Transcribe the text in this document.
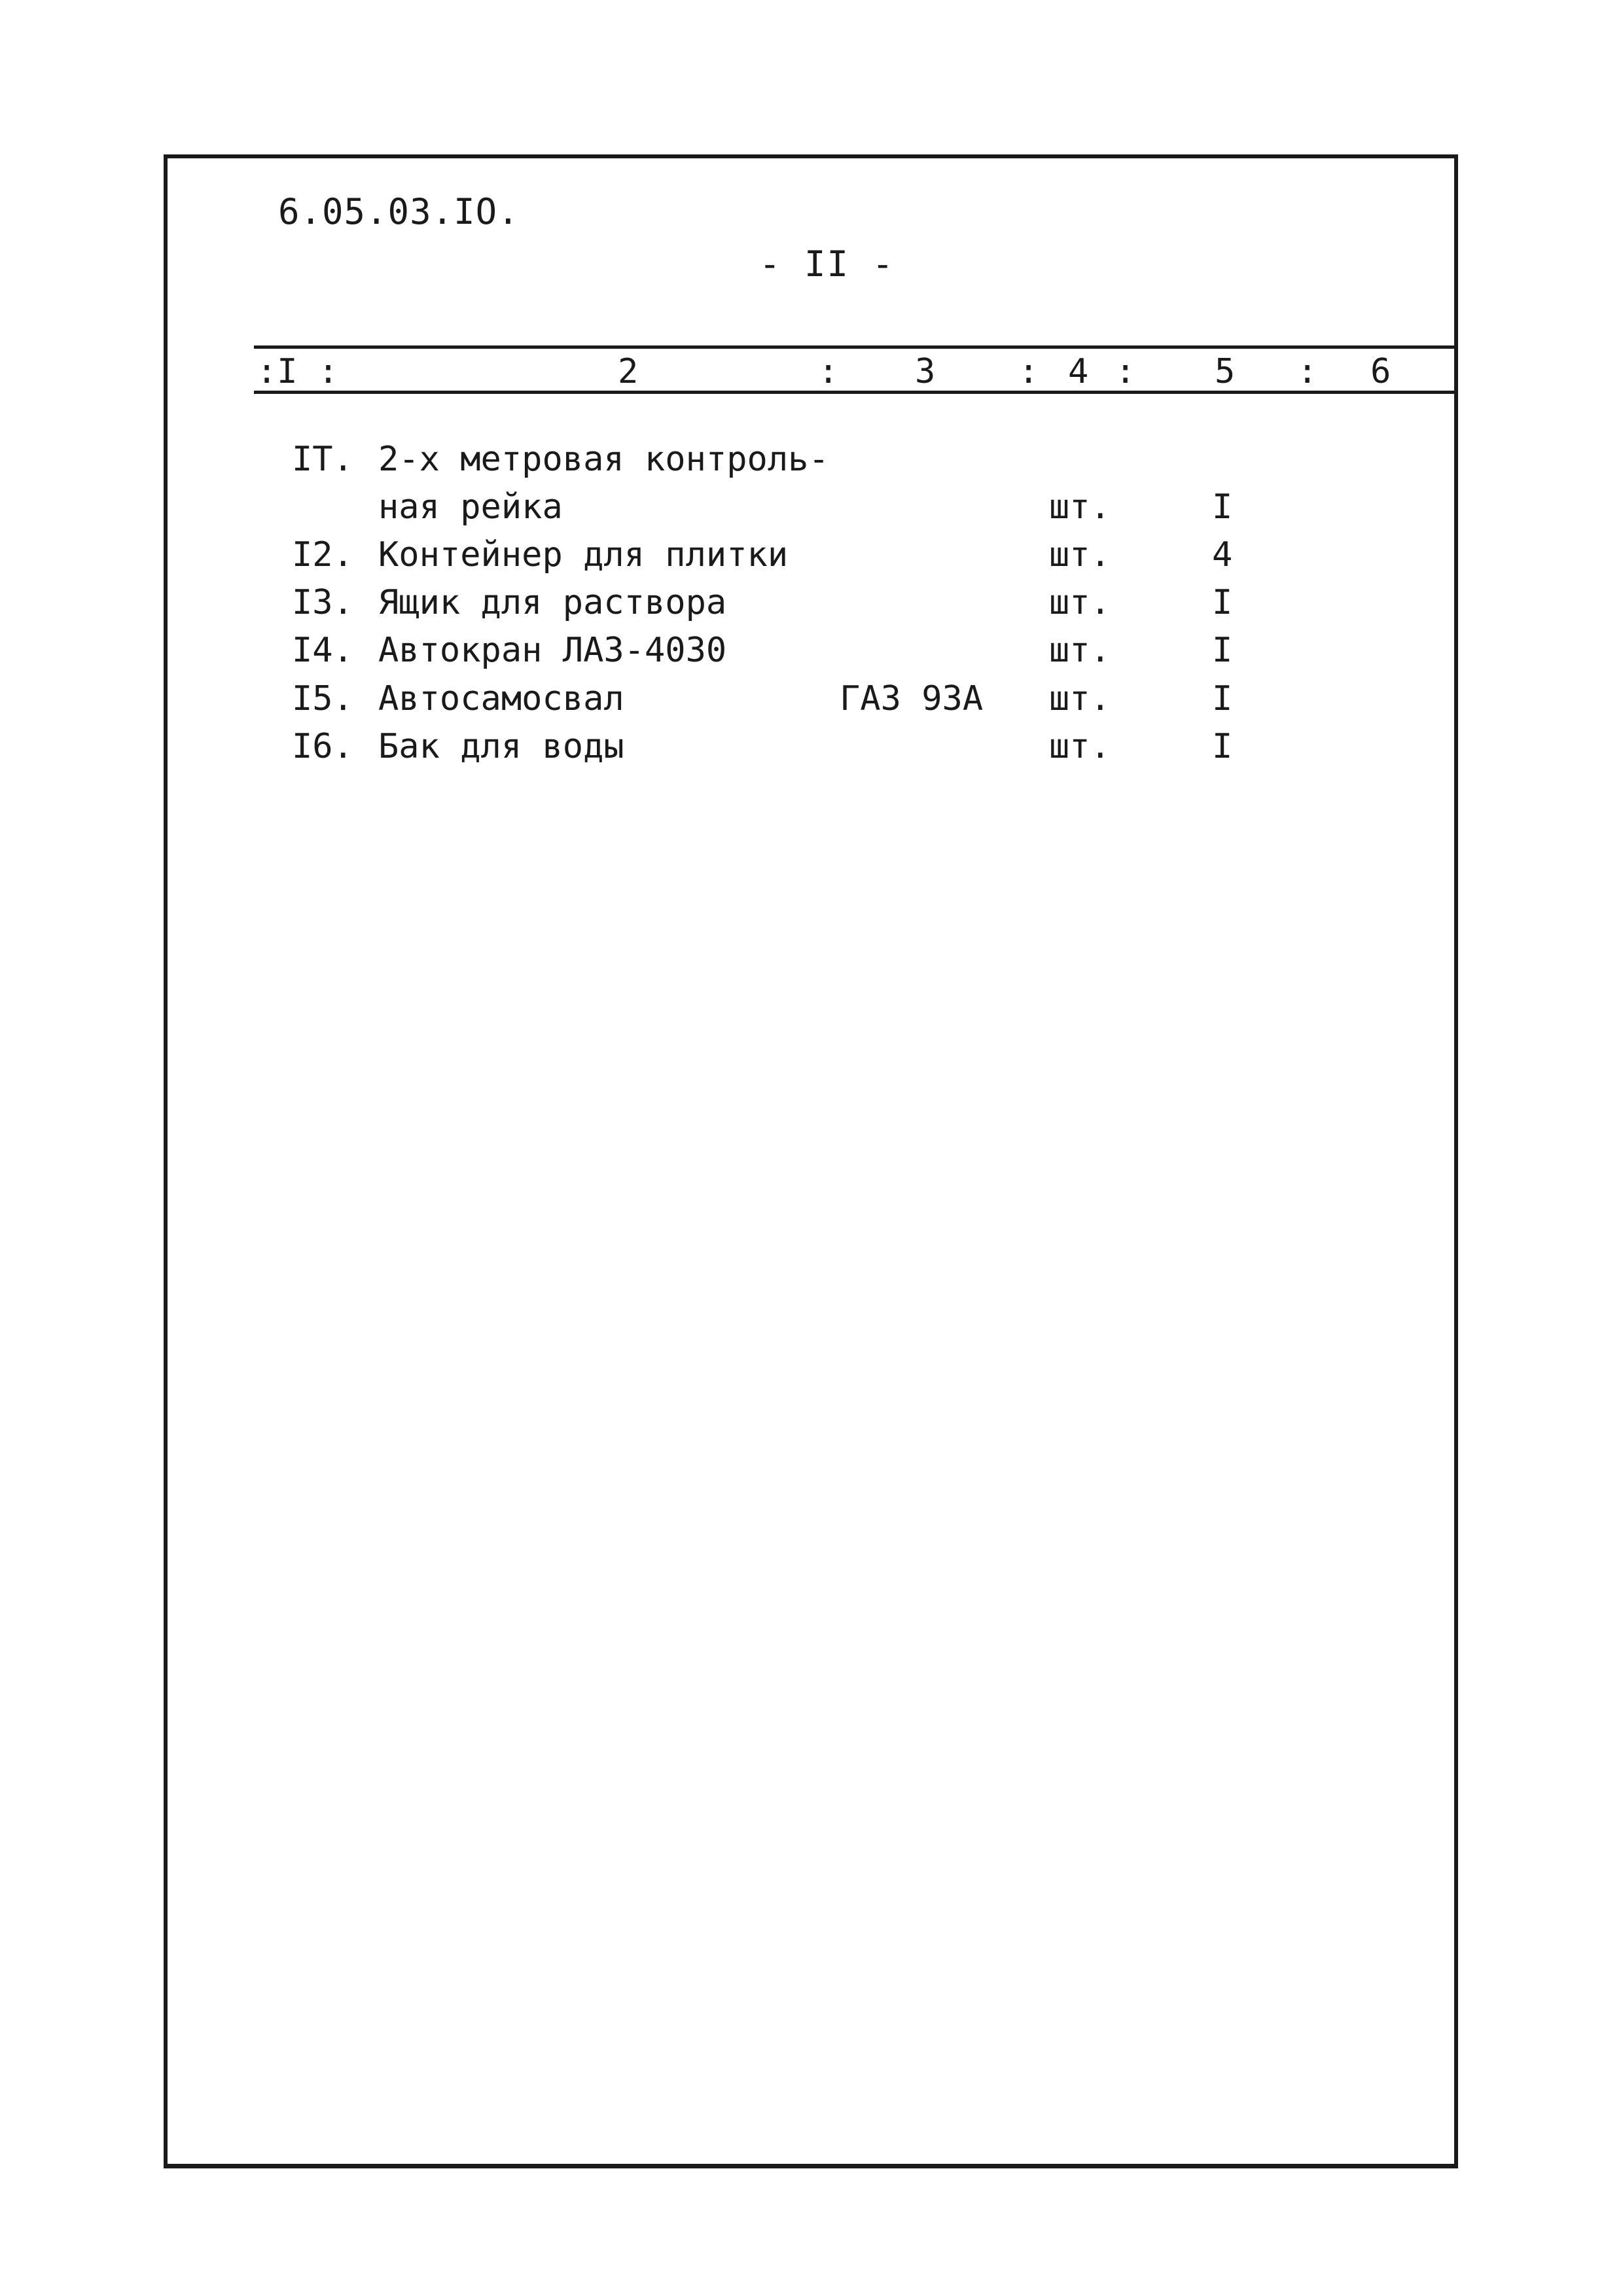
6.05.03.IO.
- II -
:I :	2	: 3 : 4 : 5 : 6
IT. 2-х метровая контроль-
ная рейка	шт.	I
I2. Контейнер для плитки	шт.	4
I3. Ящик для раствора	шт.	I
I4. Автокран ЛАЗ-4030	шт.	I
I5. Автосамосвал	ГАЗ 93А шт.	I
I6. Бак для воды	шт.	I
